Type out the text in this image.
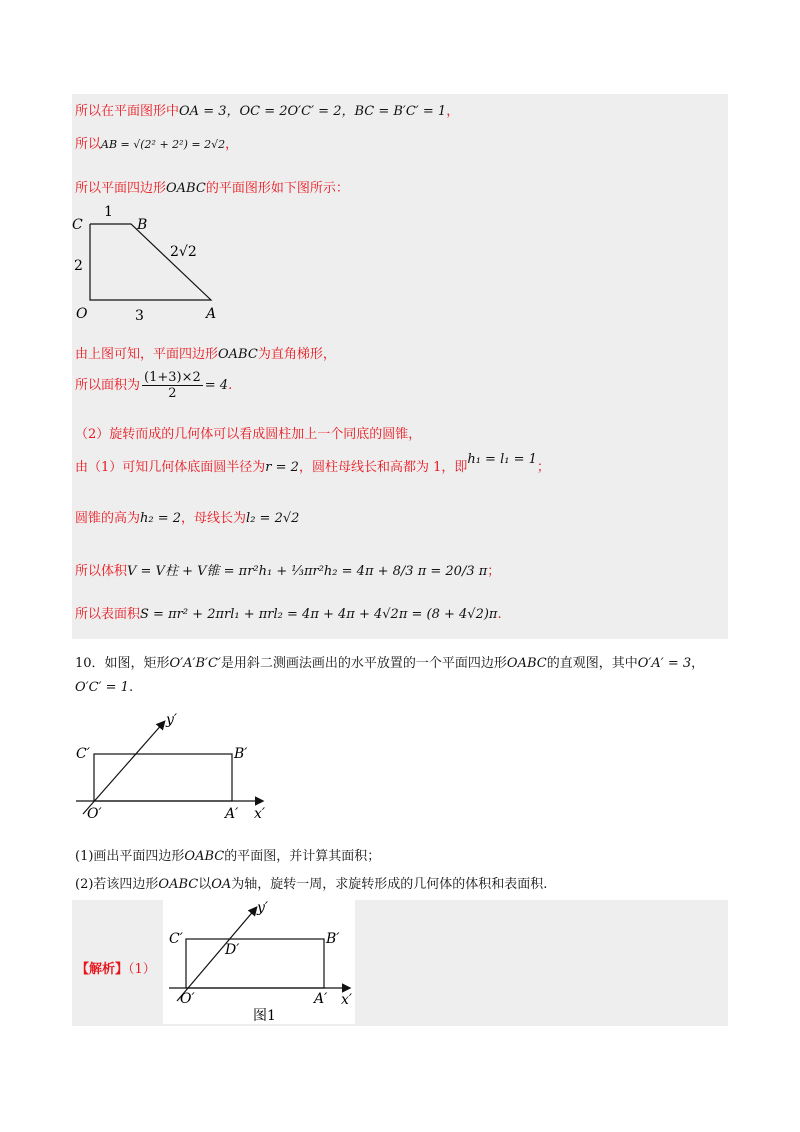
所以在平面图形中OA = 3，OC = 2O′C′ = 2，BC = B′C′ = 1，
所以AB = √(2² + 2²) = 2√2，
所以平面四边形OABC的平面图形如下图所示：
C	B
O	A
1
2
3
2√2
由上图可知，平面四边形OABC为直角梯形，
所以面积为 $\frac{(1+3)\times 2}{2} = 4$.
（2）旋转而成的几何体可以看成圆柱加上一个同底的圆锥，
由（1）可知几何体底面圆半径为r = 2，圆柱母线长和高都为 1，即h₁ = l₁ = 1；
圆锥的高为h₂ = 2，母线长为l₂ = 2√2
所以体积V = V柱 + V锥 = πr²h₁ + ⅓πr²h₂ = 4π + 8/3 π = 20/3 π；
所以表面积S = πr² + 2πrl₁ + πrl₂ = 4π + 4π + 4√2π = (8 + 4√2)π.
10．如图，矩形O′A′B′C′是用斜二测画法画出的水平放置的一个平面四边形OABC的直观图，其中O′A′ = 3，
O′C′ = 1.
C′	B′
O′	A′ x′
y′
(1)画出平面四边形OABC的平面图，并计算其面积；
(2)若该四边形OABC以OA为轴，旋转一周，求旋转形成的几何体的体积和表面积.
【解析】（1）
C′
D′
B′
O′	A′ x′
y′
图1
